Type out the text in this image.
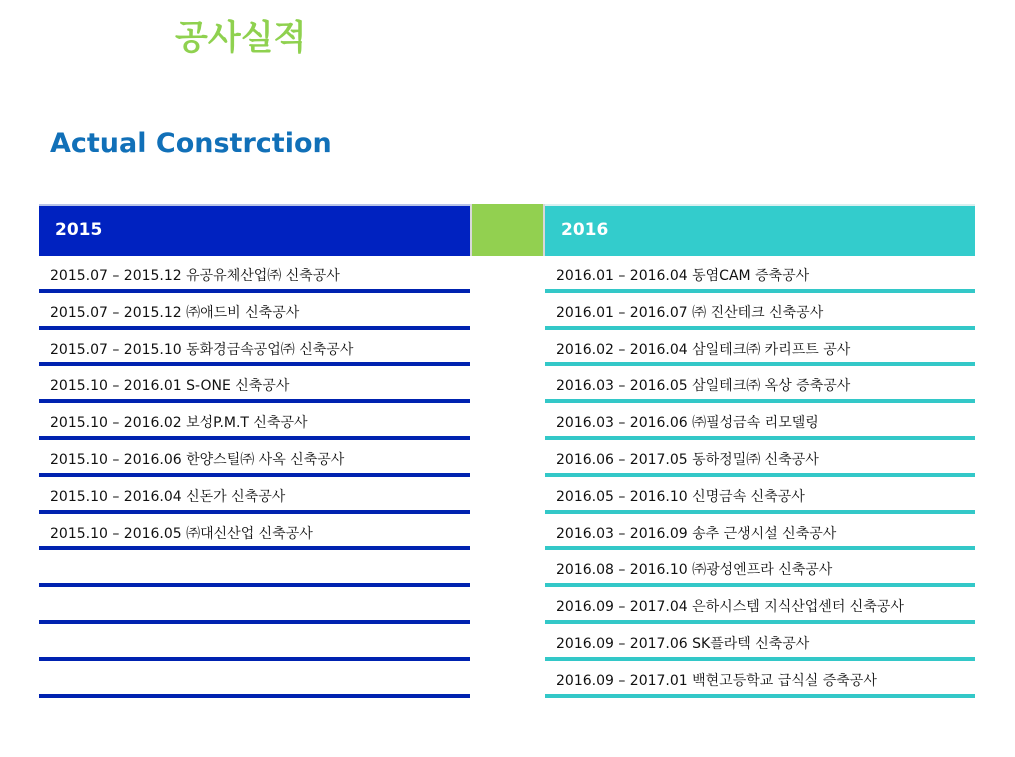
공사실적
Actual Constrction
2015	2016
2015.07 – 2015.12 유공유체산업㈜ 신축공사
2015.07 – 2015.12 ㈜애드비 신축공사
2015.07 – 2015.10 동화경금속공업㈜ 신축공사
2015.10 – 2016.01 S-ONE 신축공사
2015.10 – 2016.02 보성P.M.T 신축공사
2015.10 – 2016.06 한양스틸㈜ 사옥 신축공사
2015.10 – 2016.04 신돈가 신축공사
2015.10 – 2016.05 ㈜대신산업 신축공사
2016.01 – 2016.04 동염CAM 증축공사
2016.01 – 2016.07 ㈜ 진산테크 신축공사
2016.02 – 2016.04 삼일테크㈜ 카리프트 공사
2016.03 – 2016.05 삼일테크㈜ 옥상 증축공사
2016.03 – 2016.06 ㈜필성금속 리모델링
2016.06 – 2017.05 동하정밀㈜ 신축공사
2016.05 – 2016.10 신명금속 신축공사
2016.03 – 2016.09 송추 근생시설 신축공사
2016.08 – 2016.10 ㈜광성엔프라 신축공사
2016.09 – 2017.04 은하시스템 지식산업센터 신축공사
2016.09 – 2017.06 SK플라텍 신축공사
2016.09 – 2017.01 백현고등학교 급식실 증축공사
